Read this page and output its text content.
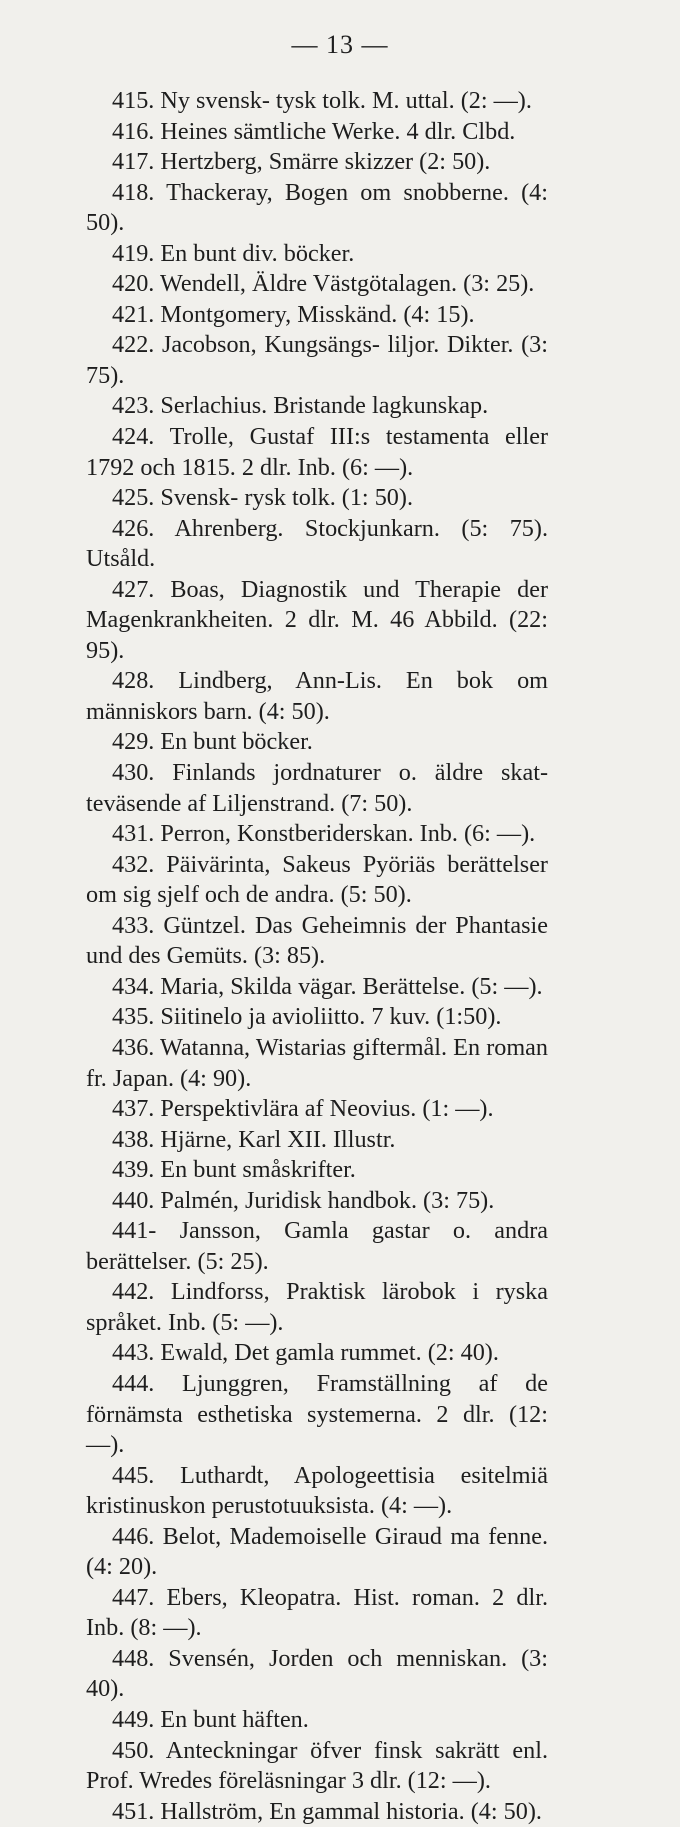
— 13 —

415. Ny svensk- tysk tolk. M. uttal. (2: —).

416. Heines sämtliche Werke. 4 dlr. Clbd.

417. Hertzberg, Smärre skizzer (2: 50).

418. Thackeray, Bogen om snobberne. (4: 50).

419. En bunt div. böcker.

420. Wendell, Äldre Västgötalagen. (3: 25).

421. Montgomery, Misskänd. (4: 15).

422. Jacobson, Kungsängs- liljor. Dikter. (3: 75).

423. Serlachius. Bristande lagkunskap.

424. Trolle, Gustaf III:s testamenta eller 1792 och 1815. 2 dlr. Inb. (6: —).

425. Svensk- rysk tolk. (1: 50).

426. Ahrenberg. Stockjunkarn. (5: 75). Utsåld.

427. Boas, Diagnostik und Therapie der Magenkrankheiten. 2 dlr. M. 46 Abbild. (22: 95).

428. Lindberg, Ann-Lis. En bok om människors barn. (4: 50).

429. En bunt böcker.

430. Finlands jordnaturer o. äldre skatteväsende af Liljenstrand. (7: 50).

431. Perron, Konstberiderskan. Inb. (6: —).

432. Päivärinta, Sakeus Pyöriäs berättelser om sig sjelf och de andra. (5: 50).

433. Güntzel. Das Geheimnis der Phantasie und des Gemüts. (3: 85).

434. Maria, Skilda vägar. Berättelse. (5: —).

435. Siitinelo ja avioliitto. 7 kuv. (1:50).

436. Watanna, Wistarias giftermål. En roman fr. Japan. (4: 90).

437. Perspektivlära af Neovius. (1: —).

438. Hjärne, Karl XII. Illustr.

439. En bunt småskrifter.

440. Palmén, Juridisk handbok. (3: 75).

441- Jansson, Gamla gastar o. andra berättelser. (5: 25).

442. Lindforss, Praktisk lärobok i ryska språket. Inb. (5: —).

443. Ewald, Det gamla rummet. (2: 40).

444. Ljunggren, Framställning af de förnämsta esthetiska systemerna. 2 dlr. (12: —).

445. Luthardt, Apologeettisia esitelmiä kristinuskon perustotuuksista. (4: —).

446. Belot, Mademoiselle Giraud ma fenne. (4: 20).

447. Ebers, Kleopatra. Hist. roman. 2 dlr. Inb. (8: —).

448. Svensén, Jorden och menniskan. (3: 40).

449. En bunt häften.

450. Anteckningar öfver finsk sakrätt enl. Prof. Wredes föreläsningar 3 dlr. (12: —).

451. Hallström, En gammal historia. (4: 50).
